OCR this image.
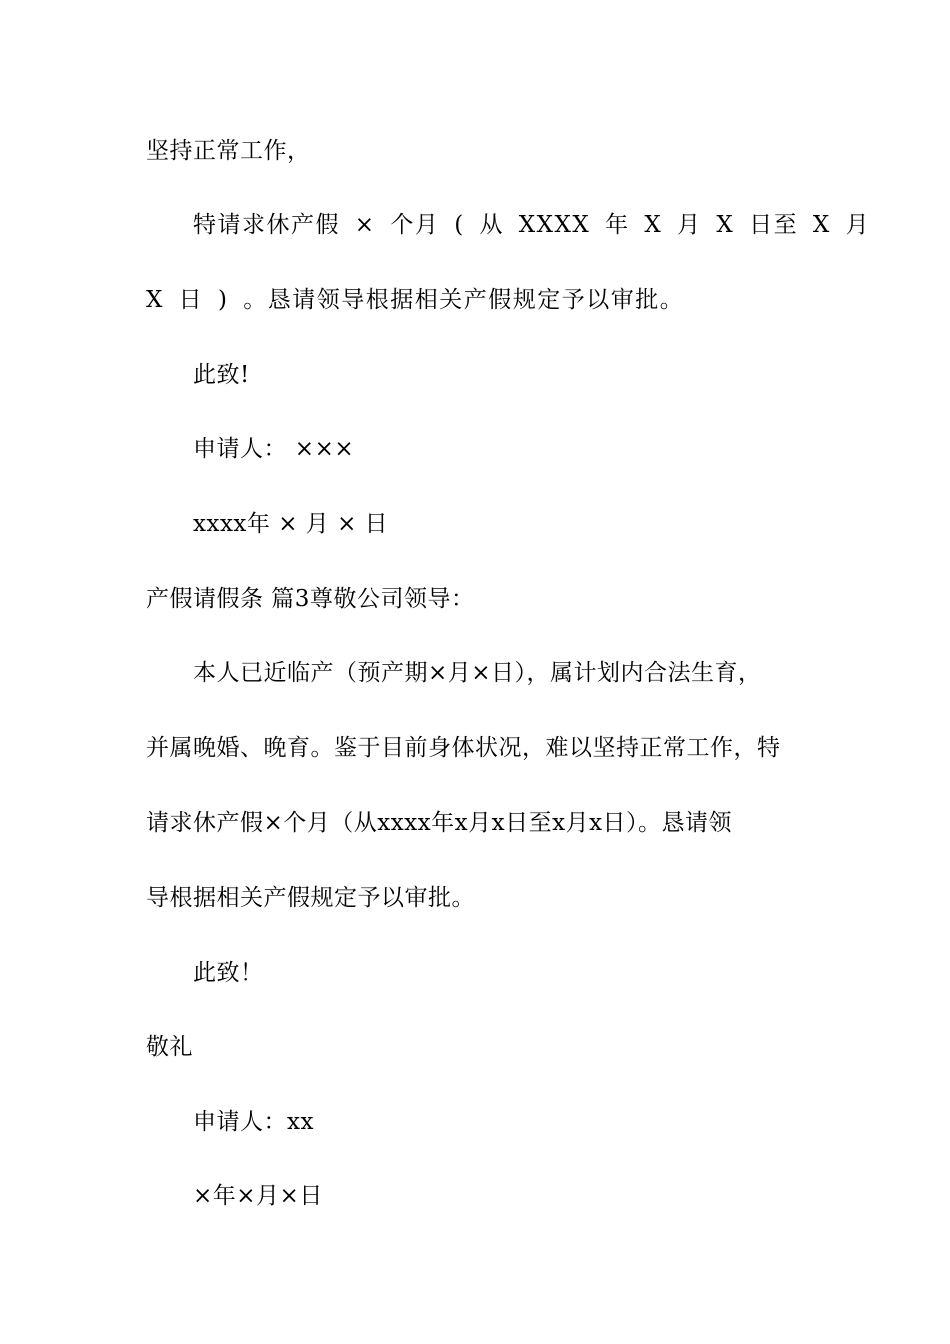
坚持正常工作，
特请求休产假 × 个月 ( 从 XXXX 年 X 月 X 日至 X 月
X 日 ) 。恳请领导根据相关产假规定予以审批。
此致!
申请人： ×××
xxxx年 × 月 × 日
产假请假条 篇3尊敬公司领导：
本人已近临产（预产期×月×日），属计划内合法生育，
并属晚婚、晚育。鉴于目前身体状况，难以坚持正常工作，特
请求休产假×个月（从xxxx年x月x日至x月x日）。恳请领
导根据相关产假规定予以审批。
此致！
敬礼
申请人：xx
×年×月×日
